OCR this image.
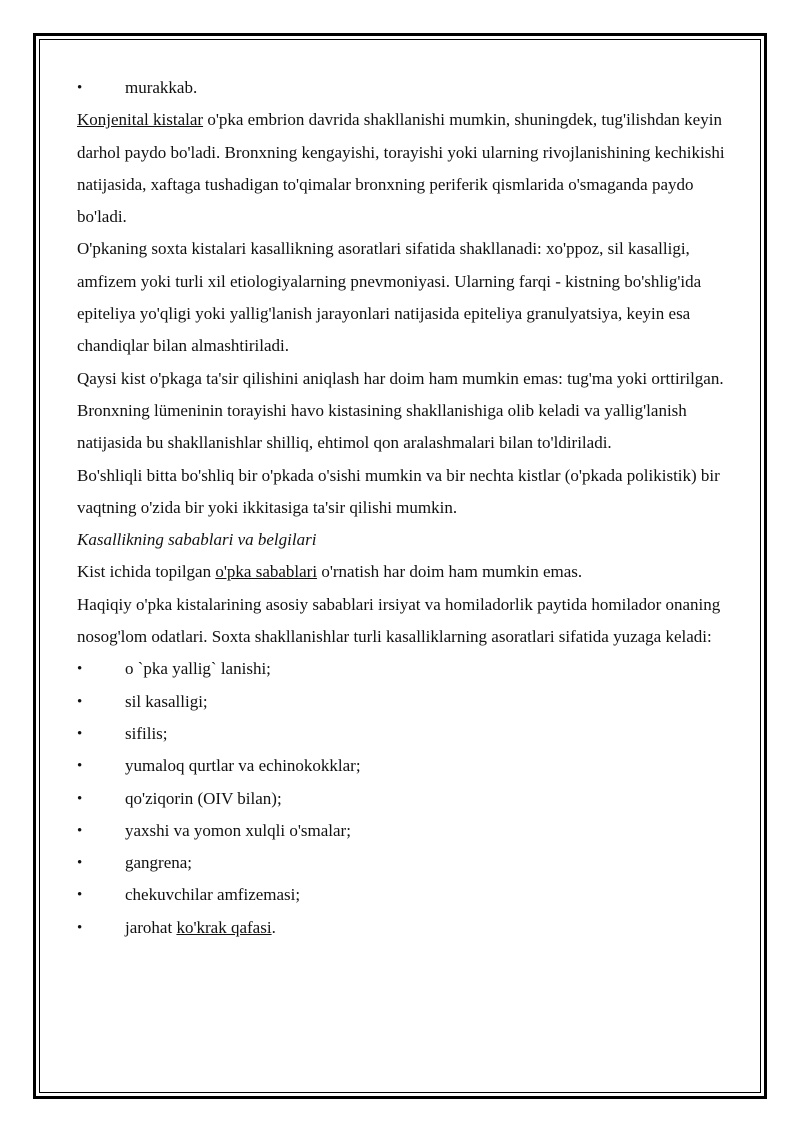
•	murakkab.

Konjenital kistalar o'pka embrion davrida shakllanishi mumkin, shuningdek, tug'ilishdan keyin darhol paydo bo'ladi. Bronxning kengayishi, torayishi yoki ularning rivojlanishining kechikishi natijasida, xaftaga tushadigan to'qimalar bronxning periferik qismlarida o'smaganda paydo bo'ladi.

O'pkaning soxta kistalari kasallikning asoratlari sifatida shakllanadi: xo'ppoz, sil kasalligi, amfizem yoki turli xil etiologiyalarning pnevmoniyasi. Ularning farqi - kistning bo'shlig'ida epiteliya yo'qligi yoki yallig'lanish jarayonlari natijasida epiteliya granulyatsiya, keyin esa chandiqlar bilan almashtiriladi.

Qaysi kist o'pkaga ta'sir qilishini aniqlash har doim ham mumkin emas: tug'ma yoki orttirilgan. Bronxning lümeninin torayishi havo kistasining shakllanishiga olib keladi va yallig'lanish natijasida bu shakllanishlar shilliq, ehtimol qon aralashmalari bilan to'ldiriladi.

Bo'shliqli bitta bo'shliq bir o'pkada o'sishi mumkin va bir nechta kistlar (o'pkada polikistik) bir vaqtning o'zida bir yoki ikkitasiga ta'sir qilishi mumkin.

Kasallikning sabablari va belgilari

Kist ichida topilgan o'pka sabablari o'rnatish har doim ham mumkin emas.

Haqiqiy o'pka kistalarining asosiy sabablari irsiyat va homiladorlik paytida homilador onaning nosog'lom odatlari. Soxta shakllanishlar turli kasalliklarning asoratlari sifatida yuzaga keladi:

•	o `pka yallig` lanishi;
•	sil kasalligi;
•	sifilis;
•	yumaloq qurtlar va echinokokklar;
•	qo'ziqorin (OIV bilan);
•	yaxshi va yomon xulqli o'smalar;
•	gangrena;
•	chekuvchilar amfizemasi;
•	jarohat ko'krak qafasi.
